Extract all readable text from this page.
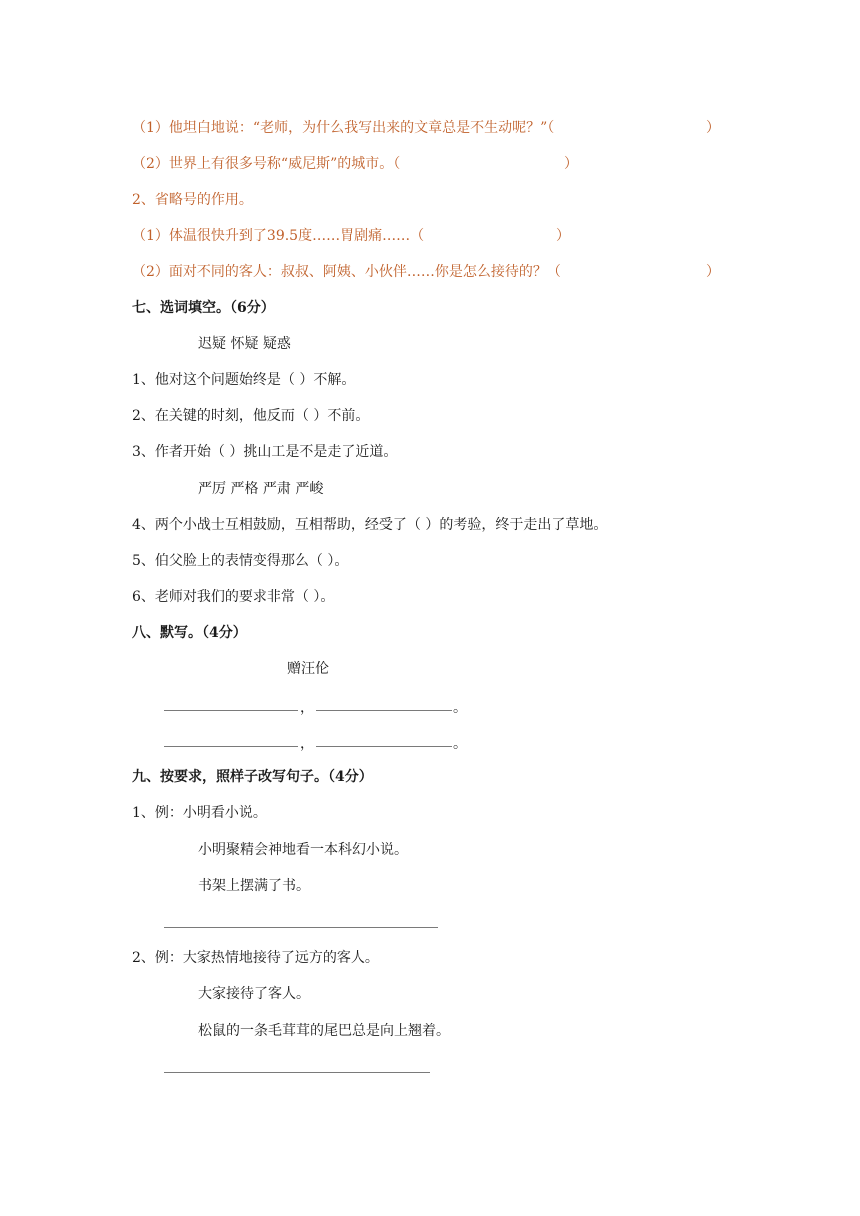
（1）他坦白地说：“老师，为什么我写出来的文章总是不生动呢？”（	）
（2）世界上有很多号称“威尼斯”的城市。（	）
2、省略号的作用。
（1）体温很快升到了39.5度……胃剧痛……（	）
（2）面对不同的客人：叔叔、阿姨、小伙伴……你是怎么接待的？（	）
七、选词填空。（6分）
迟疑 怀疑 疑惑
1、他对这个问题始终是（ ）不解。
2、在关键的时刻，他反而（ ）不前。
3、作者开始（ ）挑山工是不是走了近道。
严厉 严格 严肃 严峻
4、两个小战士互相鼓励，互相帮助，经受了（ ）的考验，终于走出了草地。
5、伯父脸上的表情变得那么（ ）。
6、老师对我们的要求非常（ ）。
八、默写。（4分）
赠汪伦
，	。
，	。
九、按要求，照样子改写句子。（4分）
1、例：小明看小说。
小明聚精会神地看一本科幻小说。
书架上摆满了书。
2、例：大家热情地接待了远方的客人。
大家接待了客人。
松鼠的一条毛茸茸的尾巴总是向上翘着。
